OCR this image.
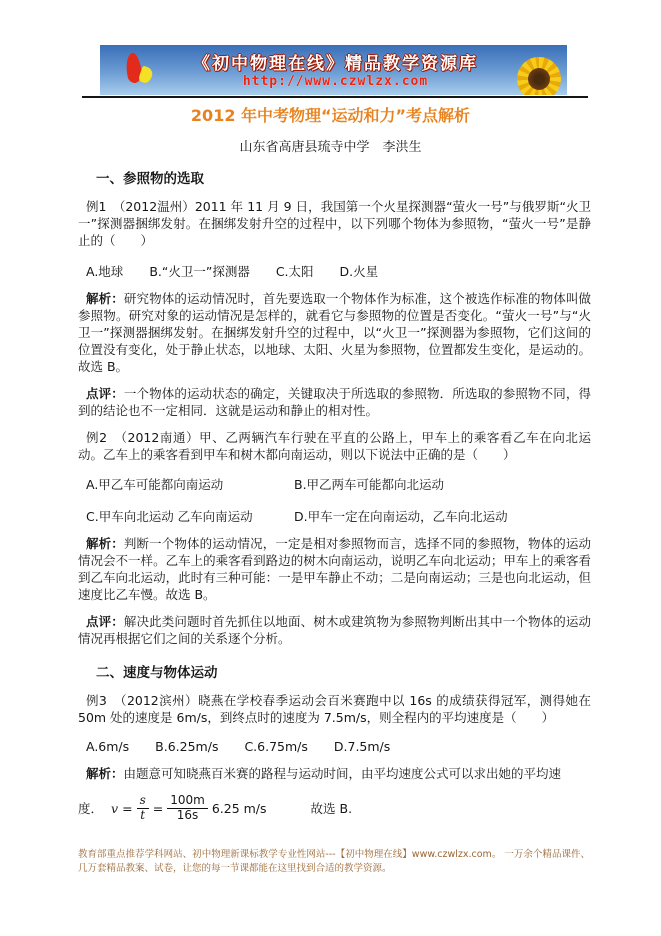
《初中物理在线》精品教学资源库
http://www.czwlzx.com
2012 年中考物理“运动和力”考点解析
山东省高唐县琉寺中学　李洪生
一、参照物的选取

例1　（2012温州）2011 年 11 月 9 日，我国第一个火星探测器“萤火一号”与俄罗斯“火卫一”探测器捆绑发射。在捆绑发射升空的过程中，以下列哪个物体为参照物，“萤火一号”是静止的（　　）

A.地球 B.“火卫一”探测器 C.太阳 D.火星

解析：研究物体的运动情况时，首先要选取一个物体作为标准，这个被选作标准的物体叫做参照物。研究对象的运动情况是怎样的，就看它与参照物的位置是否变化。“萤火一号”与“火卫一”探测器捆绑发射。在捆绑发射升空的过程中，以“火卫一”探测器为参照物，它们这间的位置没有变化，处于静止状态，以地球、太阳、火星为参照物，位置都发生变化，是运动的。故选 B。

点评：一个物体的运动状态的确定，关键取决于所选取的参照物．所选取的参照物不同，得到的结论也不一定相同．这就是运动和静止的相对性。

例2　（2012南通）甲、乙两辆汽车行驶在平直的公路上，甲车上的乘客看乙车在向北运动。乙车上的乘客看到甲车和树木都向南运动，则以下说法中正确的是（　　）

A.甲乙车可能都向南运动	B.甲乙两车可能都向北运动
C.甲车向北运动 乙车向南运动	D.甲车一定在向南运动，乙车向北运动

解析：判断一个物体的运动情况，一定是相对参照物而言，选择不同的参照物，物体的运动情况会不一样。乙车上的乘客看到路边的树木向南运动，说明乙车向北运动；甲车上的乘客看到乙车向北运动，此时有三种可能：一是甲车静止不动；二是向南运动；三是也向北运动，但速度比乙车慢。故选 B。

点评：解决此类问题时首先抓住以地面、树木或建筑物为参照物判断出其中一个物体的运动情况再根据它们之间的关系逐个分析。

二、速度与物体运动

例3　（2012滨州）晓燕在学校春季运动会百米赛跑中以 16s 的成绩获得冠军，测得她在 50m 处的速度是 6m/s，到终点时的速度为 7.5m/s，则全程内的平均速度是（　　）

A.6m/s B.6.25m/s C.6.75m/s D.7.5m/s

解析：由题意可知晓燕百米赛的路程与运动时间，由平均速度公式可以求出她的平均速

度． $v = \frac{s}{t} = \frac{100m}{16s} 6.25$ m/s	故选 B.
教育部重点推荐学科网站、初中物理新课标教学专业性网站---【初中物理在线】www.czwlzx.com。 一万余个精品课件、几万套精品教案、试卷，让您的每一节课都能在这里找到合适的教学资源。
